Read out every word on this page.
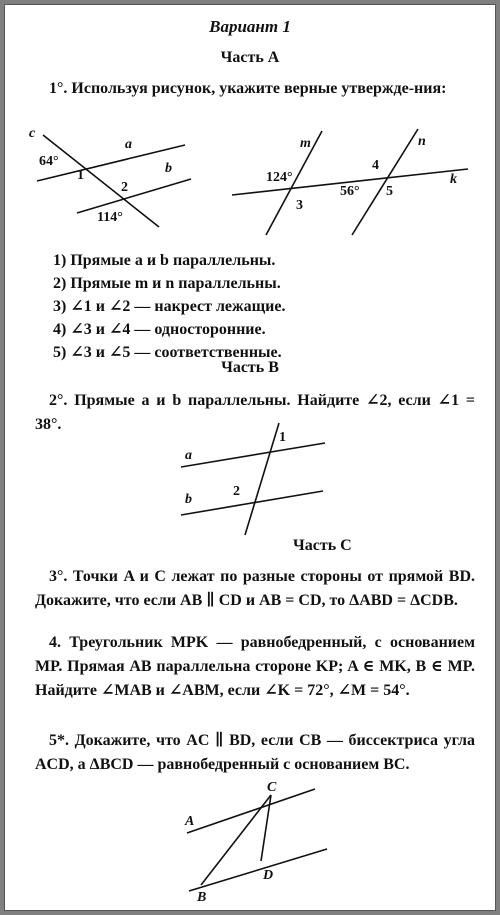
Вариант 1
Часть А
1°. Используя рисунок, укажите верные утвержде-ния:
c
a
b
64°
1
2
114°
m	n
k
124°
3
4
56° 5
1) Прямые a и b параллельны.
2) Прямые m и n параллельны.
3) ∠1 и ∠2 — накрест лежащие.
4) ∠3 и ∠4 — односторонние.
5) ∠3 и ∠5 — соответственные.
Часть В
2°. Прямые a и b параллельны. Найдите ∠2, если ∠1 = 38°.
a
b
1
2
Часть С
3°. Точки A и C лежат по разные стороны от прямой BD. Докажите, что если AB ∥ CD и AB = CD, то ΔABD = ΔCDB.
4. Треугольник MPK — равнобедренный, с основанием MP. Прямая AB параллельна стороне KP; A ∈ MK, B ∈ MP. Найдите ∠MAB и ∠ABM, если ∠K = 72°, ∠M = 54°.
5*. Докажите, что AC ∥ BD, если CB — биссектриса угла ACD, а ΔBCD — равнобедренный с основанием BC.
A
C
D
B
